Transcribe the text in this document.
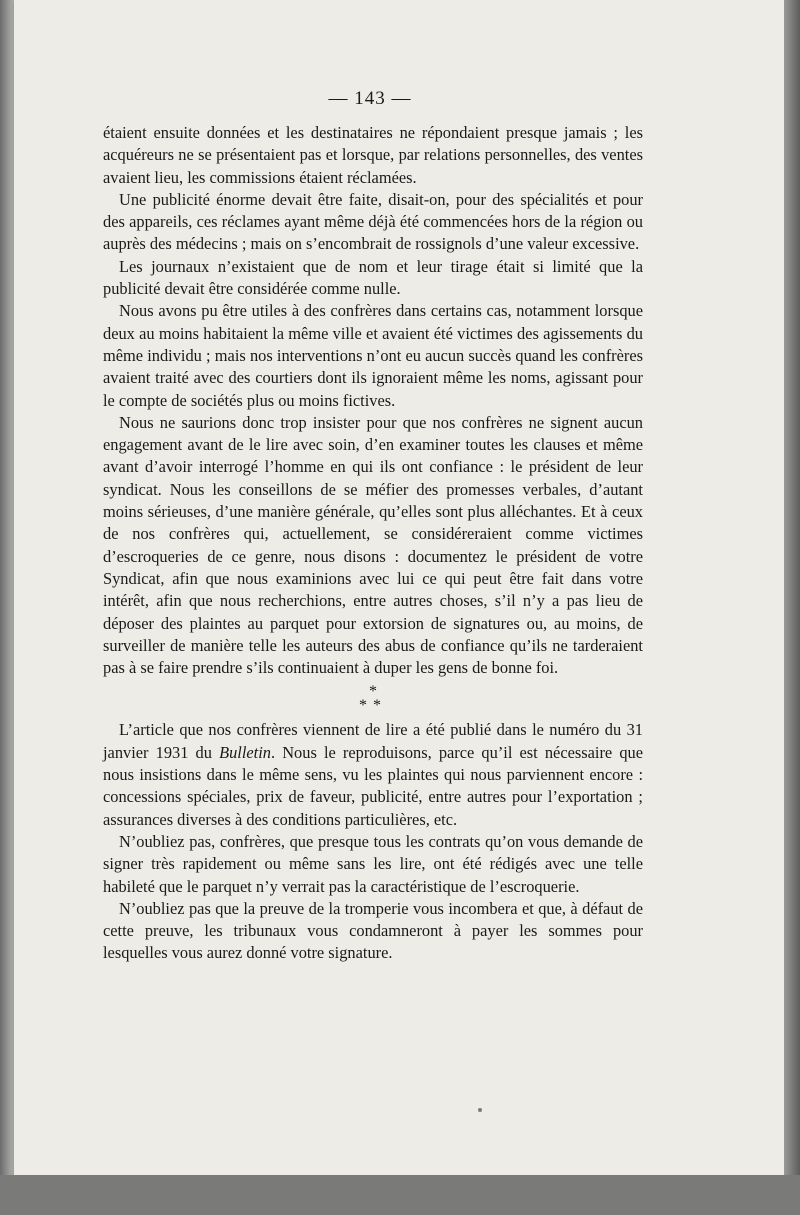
— 143 —

étaient ensuite données et les destinataires ne répondaient presque jamais ; les acquéreurs ne se présentaient pas et lorsque, par relations personnelles, des ventes avaient lieu, les commissions étaient réclamées.

Une publicité énorme devait être faite, disait-on, pour des spécialités et pour des appareils, ces réclames ayant même déjà été commencées hors de la région ou auprès des médecins ; mais on s’encombrait de rossignols d’une valeur excessive.

Les journaux n’existaient que de nom et leur tirage était si limité que la publicité devait être considérée comme nulle.

Nous avons pu être utiles à des confrères dans certains cas, notamment lorsque deux au moins habitaient la même ville et avaient été victimes des agissements du même individu ; mais nos interventions n’ont eu aucun succès quand les confrères avaient traité avec des courtiers dont ils ignoraient même les noms, agissant pour le compte de sociétés plus ou moins fictives.

Nous ne saurions donc trop insister pour que nos confrères ne signent aucun engagement avant de le lire avec soin, d’en examiner toutes les clauses et même avant d’avoir interrogé l’homme en qui ils ont confiance : le président de leur syndicat. Nous les conseillons de se méfier des promesses verbales, d’autant moins sérieuses, d’une manière générale, qu’elles sont plus alléchantes. Et à ceux de nos confrères qui, actuellement, se considéreraient comme victimes d’escroqueries de ce genre, nous disons : documentez le président de votre Syndicat, afin que nous examinions avec lui ce qui peut être fait dans votre intérêt, afin que nous recherchions, entre autres choses, s’il n’y a pas lieu de déposer des plaintes au parquet pour extorsion de signatures ou, au moins, de surveiller de manière telle les auteurs des abus de confiance qu’ils ne tarderaient pas à se faire prendre s’ils continuaient à duper les gens de bonne foi.

*
**

L’article que nos confrères viennent de lire a été publié dans le numéro du 31 janvier 1931 du Bulletin. Nous le reproduisons, parce qu’il est nécessaire que nous insistions dans le même sens, vu les plaintes qui nous parviennent encore : concessions spéciales, prix de faveur, publicité, entre autres pour l’exportation ; assurances diverses à des conditions particulières, etc.

N’oubliez pas, confrères, que presque tous les contrats qu’on vous demande de signer très rapidement ou même sans les lire, ont été rédigés avec une telle habileté que le parquet n’y verrait pas la caractéristique de l’escroquerie.

N’oubliez pas que la preuve de la tromperie vous incombera et que, à défaut de cette preuve, les tribunaux vous condamneront à payer les sommes pour lesquelles vous aurez donné votre signature.
